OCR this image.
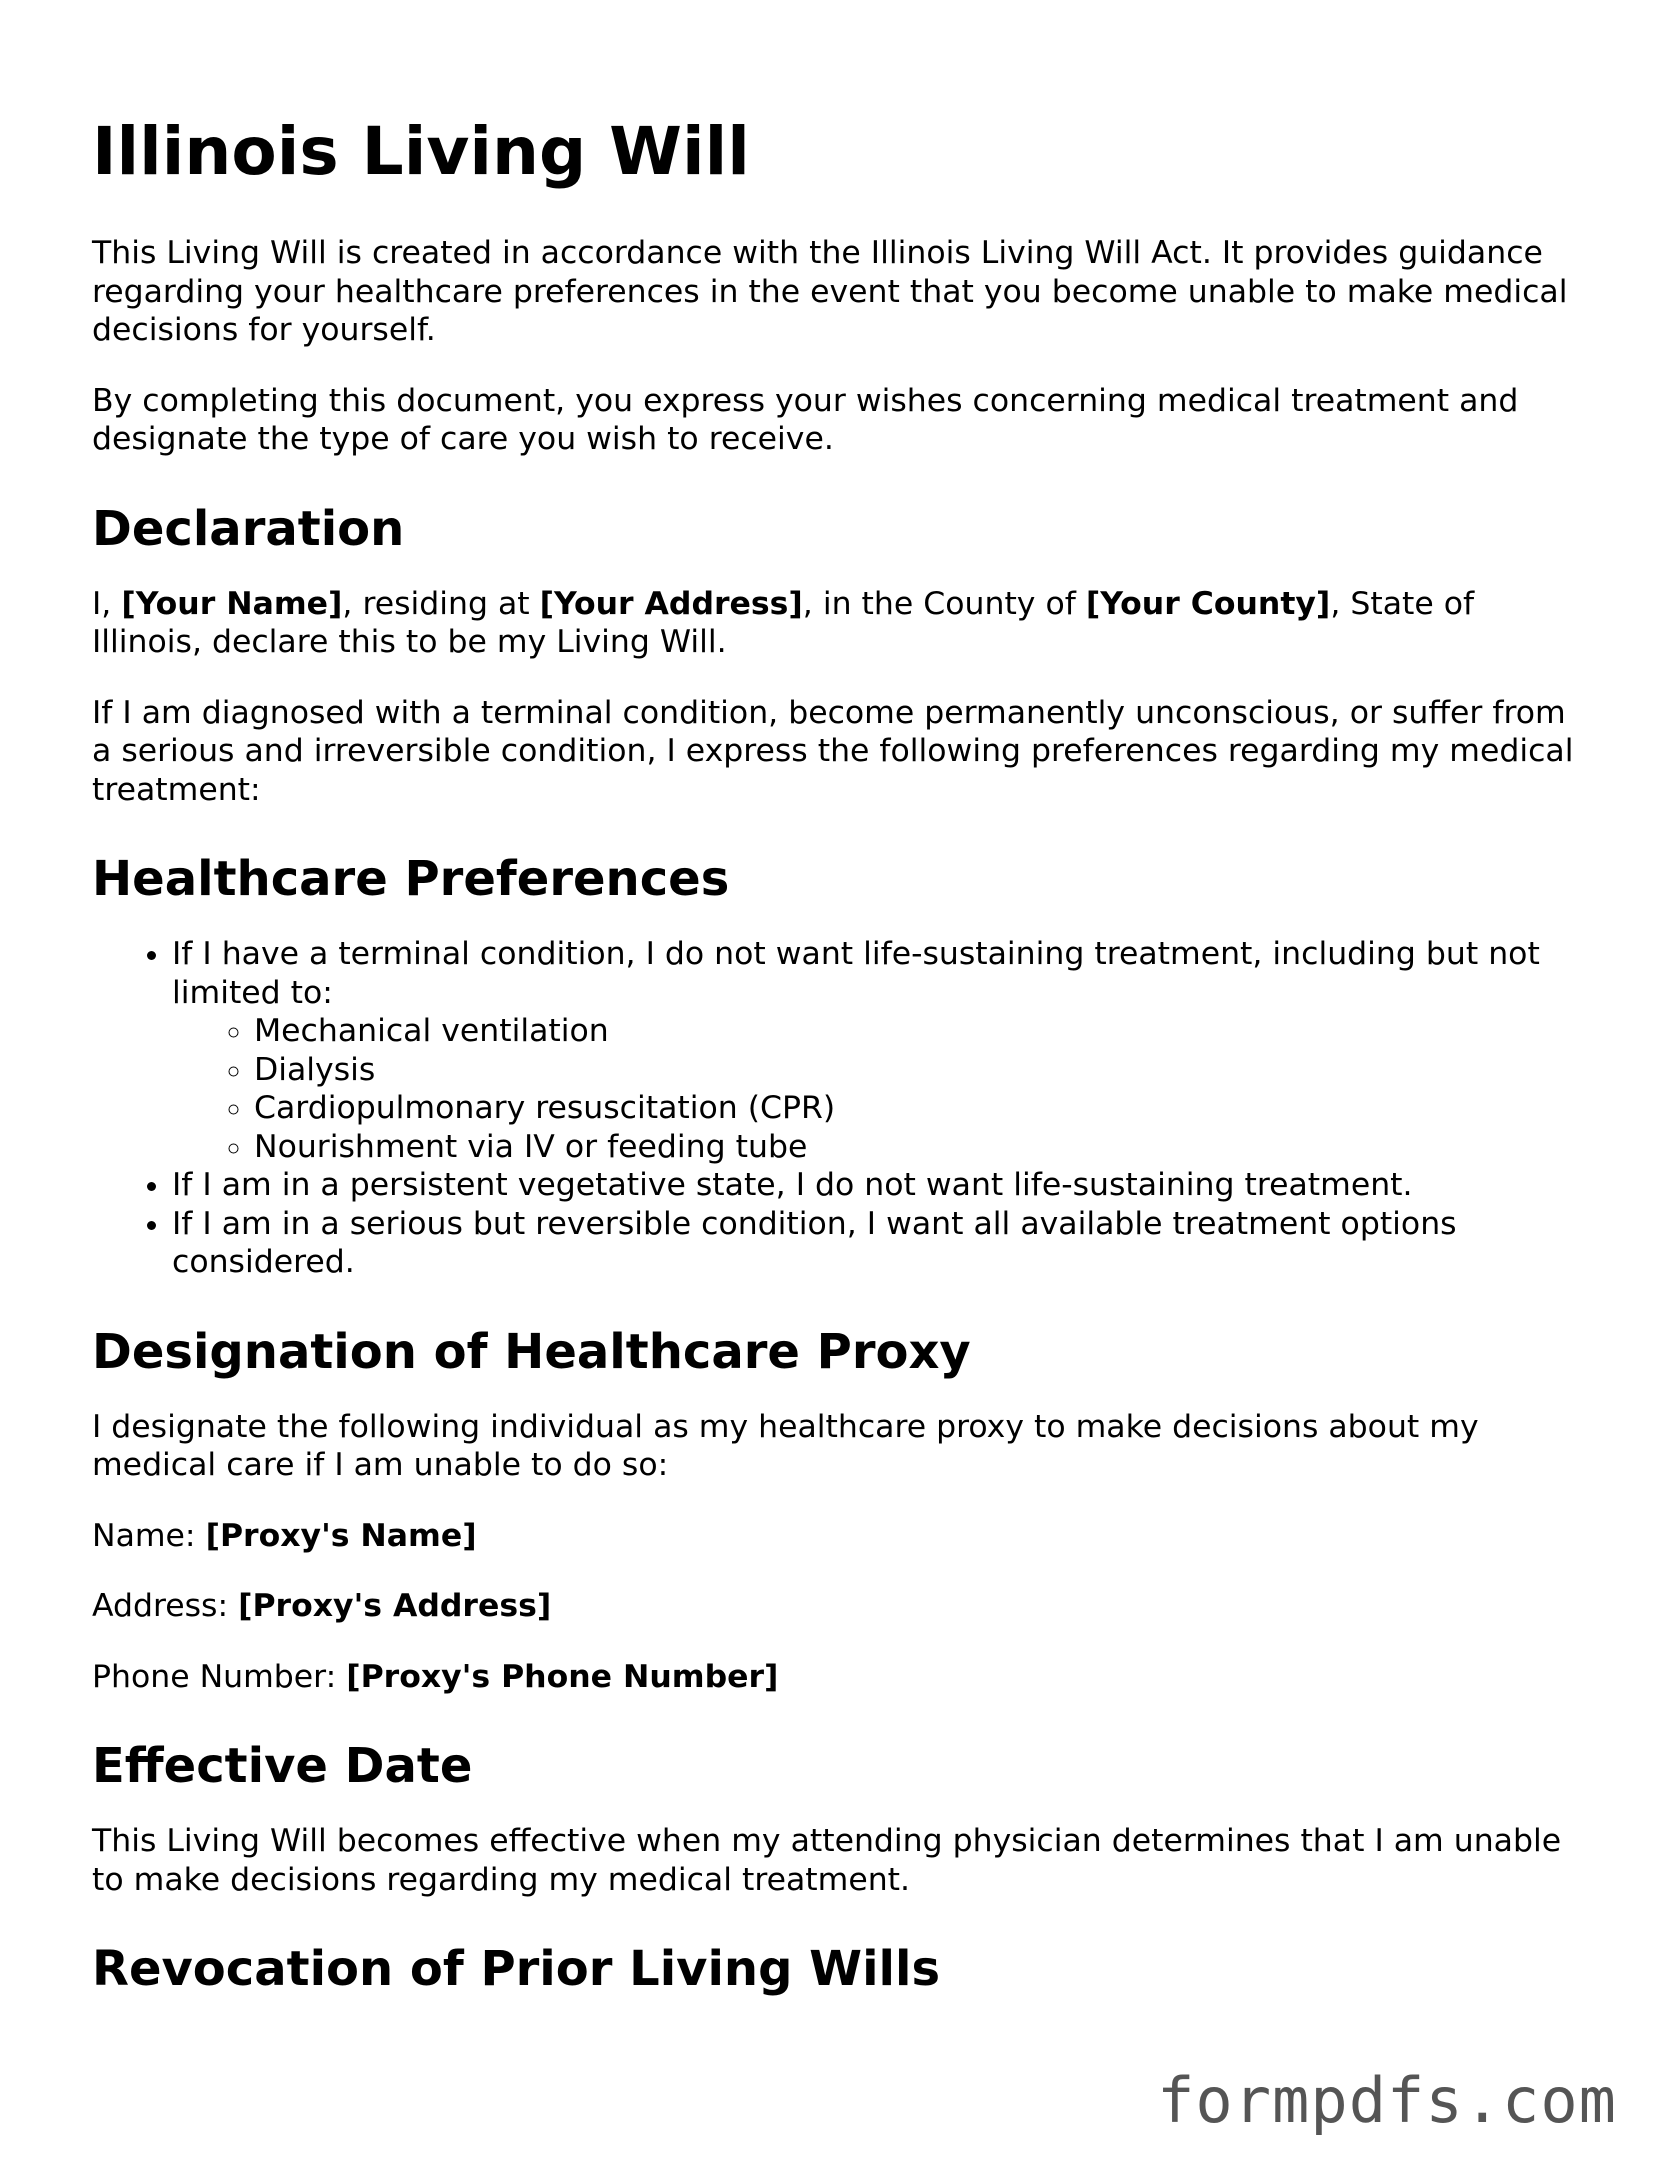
Illinois Living Will

This Living Will is created in accordance with the Illinois Living Will Act. It provides guidance regarding your healthcare preferences in the event that you become unable to make medical decisions for yourself.

By completing this document, you express your wishes concerning medical treatment and designate the type of care you wish to receive.

Declaration

I, [Your Name], residing at [Your Address], in the County of [Your County], State of Illinois, declare this to be my Living Will.

If I am diagnosed with a terminal condition, become permanently unconscious, or suffer from a serious and irreversible condition, I express the following preferences regarding my medical treatment:

Healthcare Preferences
• If I have a terminal condition, I do not want life-sustaining treatment, including but not limited to:
◦ Mechanical ventilation
◦ Dialysis
◦ Cardiopulmonary resuscitation (CPR)
◦ Nourishment via IV or feeding tube
• If I am in a persistent vegetative state, I do not want life-sustaining treatment.
• If I am in a serious but reversible condition, I want all available treatment options considered.
Designation of Healthcare Proxy

I designate the following individual as my healthcare proxy to make decisions about my medical care if I am unable to do so:

Name: [Proxy's Name]

Address: [Proxy's Address]

Phone Number: [Proxy's Phone Number]

Effective Date

This Living Will becomes effective when my attending physician determines that I am unable to make decisions regarding my medical treatment.

Revocation of Prior Living Wills
formpdfs.com
